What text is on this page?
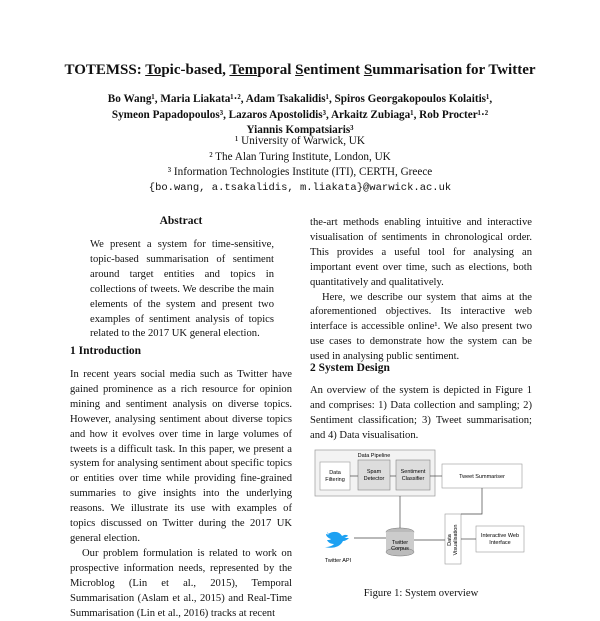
TOTEMSS: Topic-based, Temporal Sentiment Summarisation for Twitter
Bo Wang¹, Maria Liakata¹·², Adam Tsakalidis¹, Spiros Georgakopoulos Kolaitis¹,
Symeon Papadopoulos³, Lazaros Apostolidis³, Arkaitz Zubiaga¹, Rob Procter¹·²
Yiannis Kompatsiaris³
¹ University of Warwick, UK
² The Alan Turing Institute, London, UK
³ Information Technologies Institute (ITI), CERTH, Greece
{bo.wang, a.tsakalidis, m.liakata}@warwick.ac.uk
Abstract
We present a system for time-sensitive, topic-based summarisation of sentiment around target entities and topics in collections of tweets. We describe the main elements of the system and present two examples of sentiment analysis of topics related to the 2017 UK general election.
1 Introduction

In recent years social media such as Twitter have gained prominence as a rich resource for opinion mining and sentiment analysis on diverse topics. However, analysing sentiment about diverse topics and how it evolves over time in large volumes of tweets is a difficult task. In this paper, we present a system for analysing sentiment about specific topics or entities over time while providing fine-grained summaries to give insights into the underlying reasons. We illustrate its use with examples of topics discussed on Twitter during the 2017 UK general election.

Our problem formulation is related to work on prospective information needs, represented by the Microblog (Lin et al., 2015), Temporal Summarisation (Aslam et al., 2015) and Real-Time Summarisation (Lin et al., 2016) tracks at recent

the-art methods enabling intuitive and interactive visualisation of sentiments in chronological order. This provides a useful tool for analysing an important event over time, such as elections, both quantitatively and qualitatively.

Here, we describe our system that aims at the aforementioned objectives. Its interactive web interface is accessible online¹. We also present two use cases to demonstrate how the system can be used in analysing public sentiment.

2 System Design
An overview of the system is depicted in Figure 1 and comprises: 1) Data collection and sampling; 2) Sentiment classification; 3) Tweet summarisation; and 4) Data visualisation.
Data Pipeline
Data
Filtering
Spam
Detector
Sentiment
Classifier	Tweet Summariser
Twitter API
Twitter
Corpus
Data Visualisation	Interactive Web
Interface
Figure 1: System overview
